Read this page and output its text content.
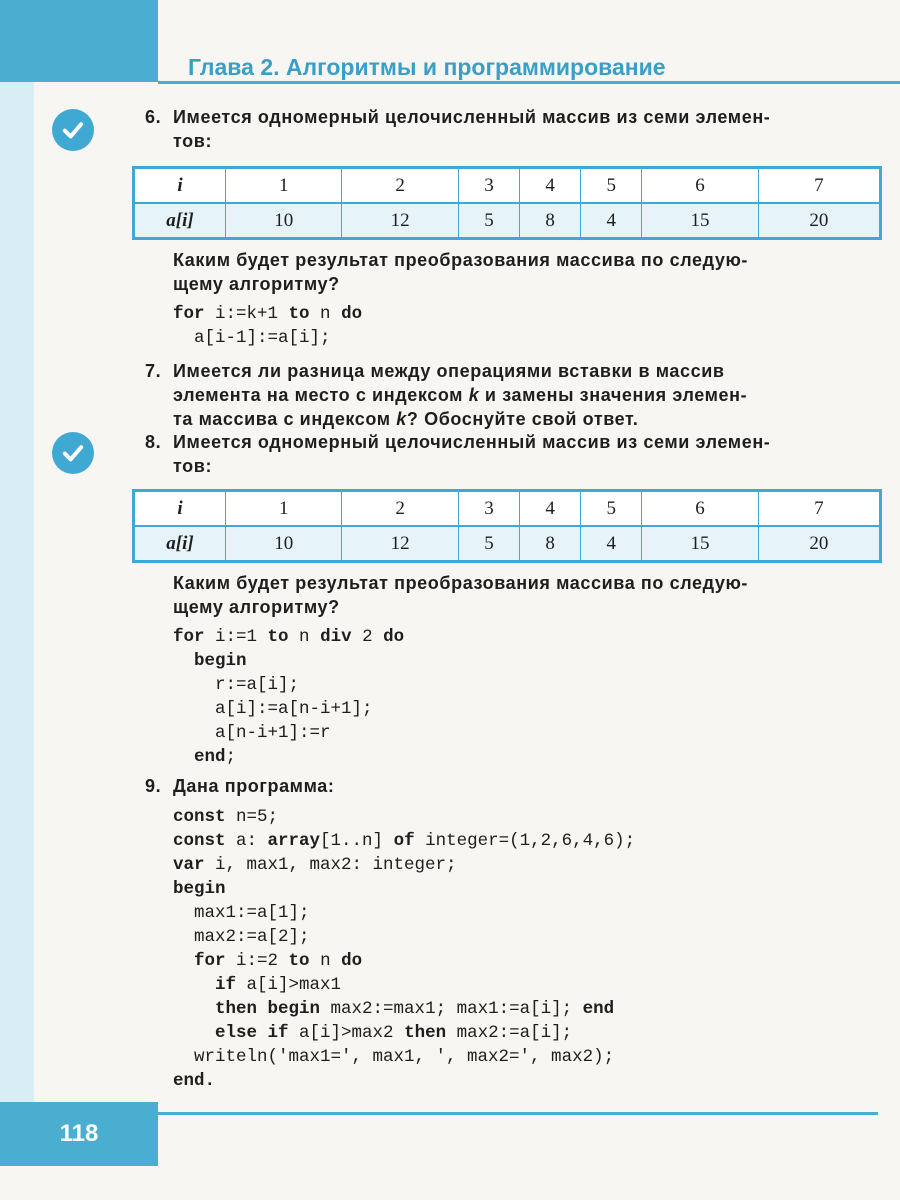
Глава 2. Алгоритмы и программирование
6. Имеется одномерный целочисленный массив из семи элемен-
тов:
i	1	2	3	4	5	6	7
a[i]	10	12	5	8	4	15	20
Каким будет результат преобразования массива по следую-
щему алгоритму?
for i:=k+1 to n do
a[i-1]:=a[i];
7. Имеется ли разница между операциями вставки в массив
элемента на место с индексом k и замены значения элемен-
та массива с индексом k? Обоснуйте свой ответ.
8. Имеется одномерный целочисленный массив из семи элемен-
тов:
i	1	2	3	4	5	6	7
a[i]	10	12	5	8	4	15	20
Каким будет результат преобразования массива по следую-
щему алгоритму?
for i:=1 to n div 2 do
begin
r:=a[i];
a[i]:=a[n-i+1];
a[n-i+1]:=r
end;
9. Дана программа:
const n=5;
const a: array[1..n] of integer=(1,2,6,4,6);
var i, max1, max2: integer;
begin
max1:=a[1];
max2:=a[2];
for i:=2 to n do
if a[i]>max1
then begin max2:=max1; max1:=a[i]; end
else if a[i]>max2 then max2:=a[i];
writeln('max1=', max1, ', max2=', max2);
end.
118
